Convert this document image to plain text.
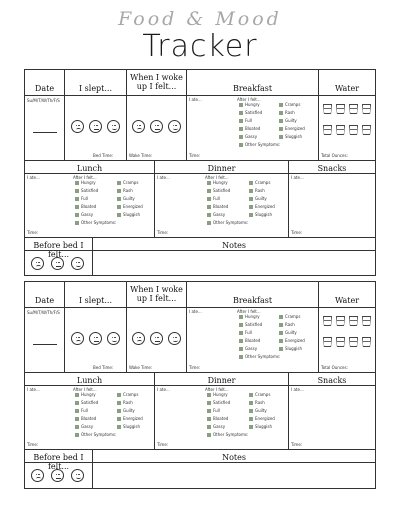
Food & Mood
Tracker
Date
Su/M/T/W/Th/F/S
I slept...
Bed Time:
When I woke up I felt...
Wake Time:
Breakfast
I ate...	After I felt...
Hungry
Satisfied
Full
Bloated
Gassy
Cramps
Rash
Guilty
Energized
Sluggish
Other Symptoms:
Time:
Water
Total Ounces:
Lunch
I ate...	After I felt...
Hungry
Satisfied
Full
Bloated
Gassy
Cramps
Rash
Guilty
Energized
Sluggish
Other Symptoms:
Time:
Dinner
I ate...	After I felt...
Hungry
Satisfied
Full
Bloated
Gassy
Cramps
Rash
Guilty
Energized
Sluggish
Other Symptoms:
Time:
Snacks
I ate...
Time:
Before bed I felt...
Notes
Date
Su/M/T/W/Th/F/S
I slept...
Bed Time:
When I woke up I felt...
Wake Time:
Breakfast
I ate...	After I felt...
Hungry
Satisfied
Full
Bloated
Gassy
Cramps
Rash
Guilty
Energized
Sluggish
Other Symptoms:
Time:
Water
Total Ounces:
Lunch
I ate...	After I felt...
Hungry
Satisfied
Full
Bloated
Gassy
Cramps
Rash
Guilty
Energized
Sluggish
Other Symptoms:
Time:
Dinner
I ate...	After I felt...
Hungry
Satisfied
Full
Bloated
Gassy
Cramps
Rash
Guilty
Energized
Sluggish
Other Symptoms:
Time:
Snacks
I ate...
Time:
Before bed I felt...
Notes
